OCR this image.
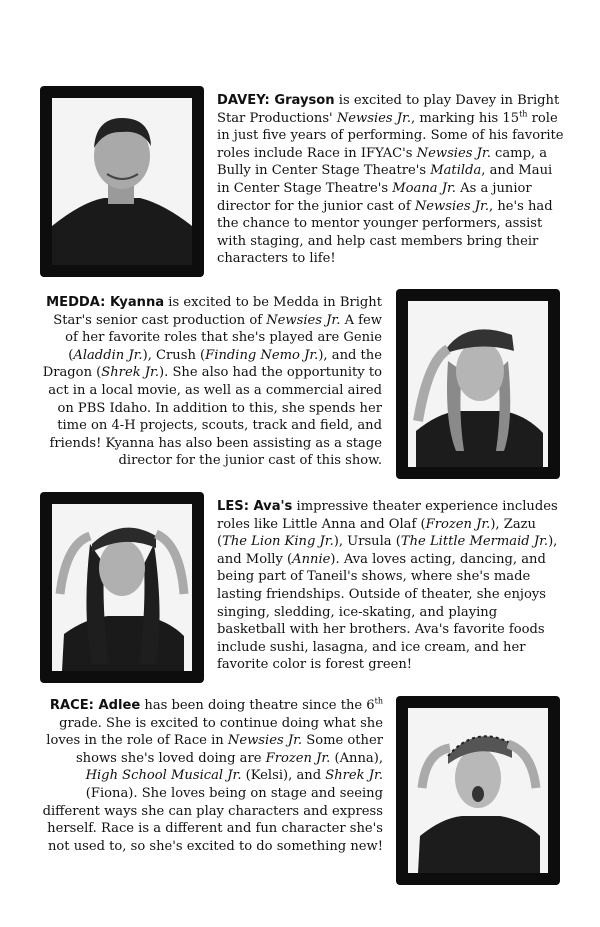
DAVEY: Grayson is excited to play Davey in Bright Star Productions' Newsies Jr., marking his 15th role in just five years of performing. Some of his favorite roles include Race in IFYAC's Newsies Jr. camp, a Bully in Center Stage Theatre's Matilda, and Maui in Center Stage Theatre's Moana Jr. As a junior director for the junior cast of Newsies Jr., he's had the chance to mentor younger performers, assist with staging, and help cast members bring their characters to life!

MEDDA: Kyanna is excited to be Medda in Bright Star's senior cast production of Newsies Jr. A few of her favorite roles that she's played are Genie (Aladdin Jr.), Crush (Finding Nemo Jr.), and the Dragon (Shrek Jr.). She also had the opportunity to act in a local movie, as well as a commercial aired on PBS Idaho. In addition to this, she spends her time on 4-H projects, scouts, track and field, and friends! Kyanna has also been assisting as a stage director for the junior cast of this show.

LES: Ava's impressive theater experience includes roles like Little Anna and Olaf (Frozen Jr.), Zazu (The Lion King Jr.), Ursula (The Little Mermaid Jr.), and Molly (Annie). Ava loves acting, dancing, and being part of Taneil's shows, where she's made lasting friendships. Outside of theater, she enjoys singing, sledding, ice-skating, and playing basketball with her brothers. Ava's favorite foods include sushi, lasagna, and ice cream, and her favorite color is forest green!

RACE: Adlee has been doing theatre since the 6th grade. She is excited to continue doing what she loves in the role of Race in Newsies Jr. Some other shows she's loved doing are Frozen Jr. (Anna), High School Musical Jr. (Kelsi), and Shrek Jr. (Fiona). She loves being on stage and seeing different ways she can play characters and express herself. Race is a different and fun character she's not used to, so she's excited to do something new!
